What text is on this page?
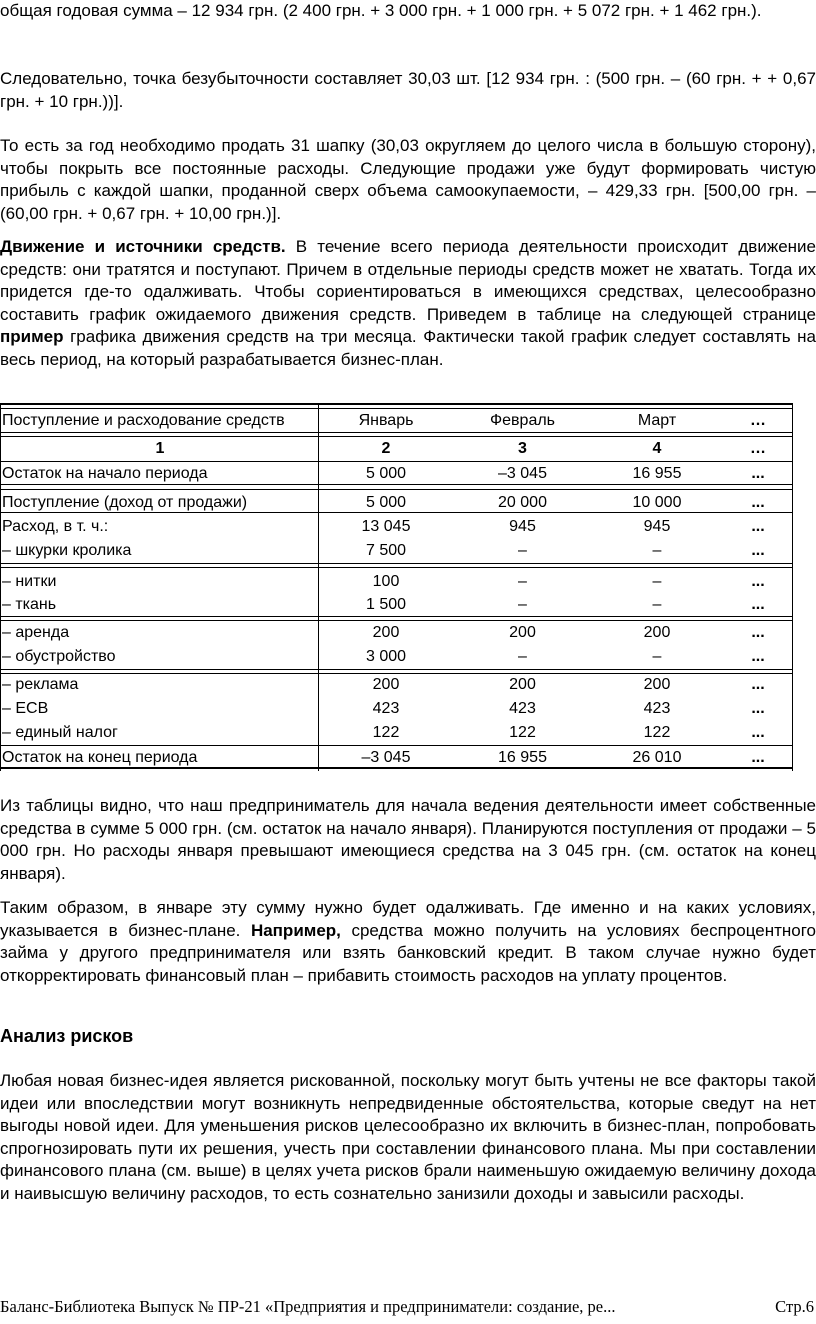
общая годовая сумма – 12 934 грн. (2 400 грн. + 3 000 грн. + 1 000 грн. + 5 072 грн. + 1 462 грн.).

Следовательно, точка безубыточности составляет 30,03 шт. [12 934 грн. : (500 грн. – (60 грн. + + 0,67 грн. + 10 грн.))].

То есть за год необходимо продать 31 шапку (30,03 округляем до целого числа в большую сторону), чтобы покрыть все постоянные расходы. Следующие продажи уже будут формировать чистую прибыль с каждой шапки, проданной сверх объема самоокупаемости, – 429,33 грн. [500,00 грн. – (60,00 грн. + 0,67 грн. + 10,00 грн.)].

Движение и источники средств. В течение всего периода деятельности происходит движение средств: они тратятся и поступают. Причем в отдельные периоды средств может не хватать. Тогда их придется где-то одалживать. Чтобы сориентироваться в имеющихся средствах, целесообразно составить график ожидаемого движения средств. Приведем в таблице на следующей странице пример графика движения средств на три месяца. Фактически такой график следует составлять на весь период, на который разрабатывается бизнес-план.

Поступление и расходование средств	Январь	Февраль	Март	…
1	2	3	4	…
Остаток на начало периода	5 000	–3 045	16 955	...
Поступление (доход от продажи)	5 000	20 000	10 000	...
Расход, в т. ч.:	13 045	945	945	...
– шкурки кролика	7 500	–	–	...
– нитки	100	–	–	...
– ткань	1 500	–	–	...
– аренда	200	200	200	...
– обустройство	3 000	–	–	...
– реклама	200	200	200	...
– ЕСВ	423	423	423	...
– единый налог	122	122	122	...
Остаток на конец периода	–3 045	16 955	26 010	...

Из таблицы видно, что наш предприниматель для начала ведения деятельности имеет собственные средства в сумме 5 000 грн. (см. остаток на начало января). Планируются поступления от продажи – 5 000 грн. Но расходы января превышают имеющиеся средства на 3 045 грн. (см. остаток на конец января).

Таким образом, в январе эту сумму нужно будет одалживать. Где именно и на каких условиях, указывается в бизнес-плане. Например, средства можно получить на условиях беспроцентного займа у другого предпринимателя или взять банковский кредит. В таком случае нужно будет откорректировать финансовый план – прибавить стоимость расходов на уплату процентов.

Анализ рисков

Любая новая бизнес-идея является рискованной, поскольку могут быть учтены не все факторы такой идеи или впоследствии могут возникнуть непредвиденные обстоятельства, которые сведут на нет выгоды новой идеи. Для уменьшения рисков целесообразно их включить в бизнес-план, попробовать спрогнозировать пути их решения, учесть при составлении финансового плана. Мы при составлении финансового плана (см. выше) в целях учета рисков брали наименьшую ожидаемую величину дохода и наивысшую величину расходов, то есть сознательно занизили доходы и завысили расходы.

Баланс-Библиотека Выпуск № ПР-21 «Предприятия и предприниматели: создание, ре...	Стр.6
